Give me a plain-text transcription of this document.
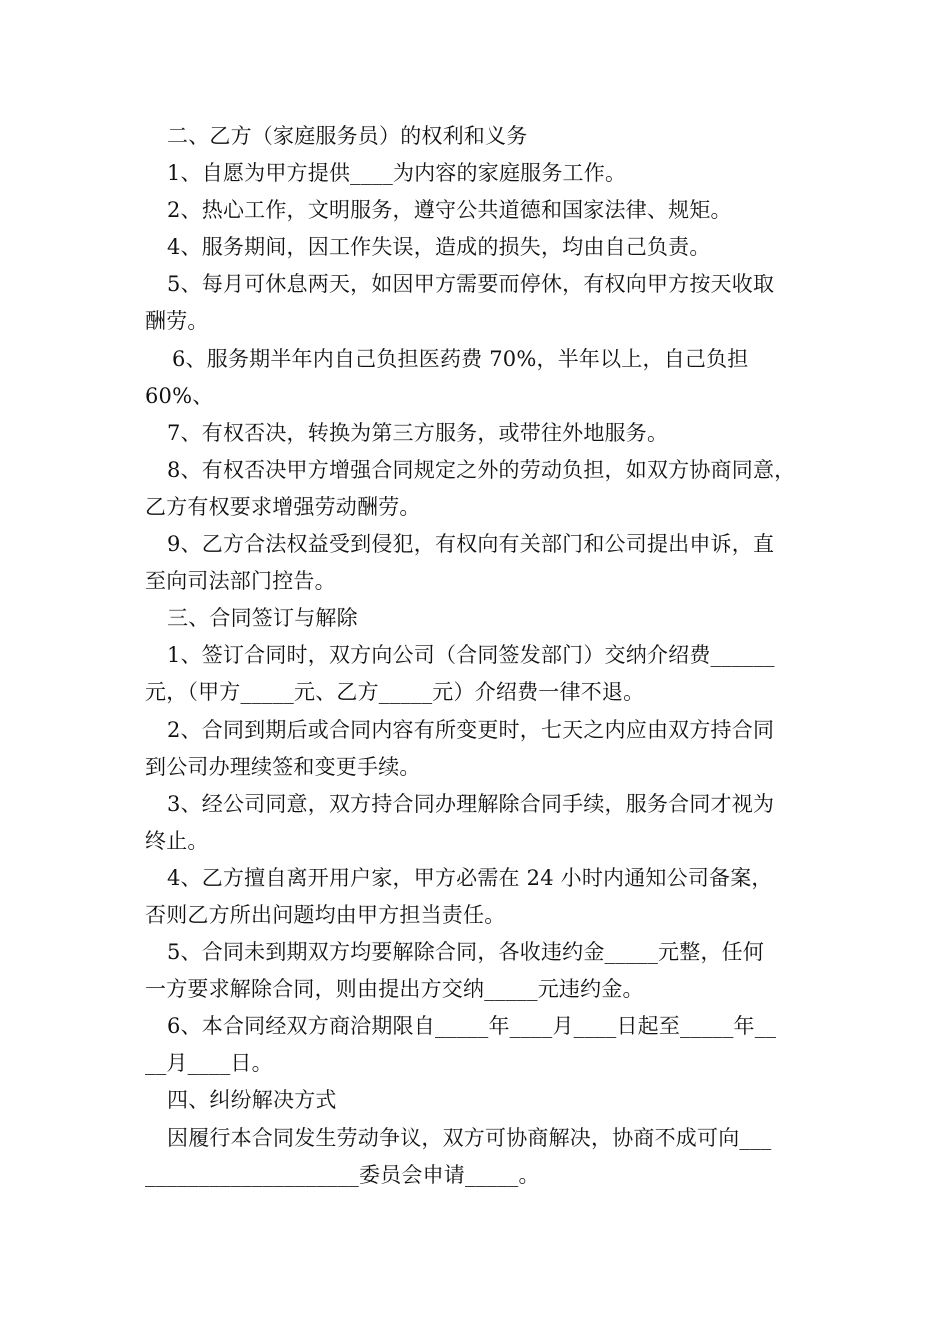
二、乙方（家庭服务员）的权利和义务
1、自愿为甲方提供____为内容的家庭服务工作。
2、热心工作，文明服务，遵守公共道德和国家法律、规矩。
4、服务期间，因工作失误，造成的损失，均由自己负责。
5、每月可休息两天，如因甲方需要而停休，有权向甲方按天收取
酬劳。
6、服务期半年内自己负担医药费 70%，半年以上，自己负担
60%、
7、有权否决，转换为第三方服务，或带往外地服务。
8、有权否决甲方增强合同规定之外的劳动负担，如双方协商同意，
乙方有权要求增强劳动酬劳。
9、乙方合法权益受到侵犯，有权向有关部门和公司提出申诉，直
至向司法部门控告。
三、合同签订与解除
1、签订合同时，双方向公司（合同签发部门）交纳介绍费______
元，（甲方_____元、乙方_____元）介绍费一律不退。
2、合同到期后或合同内容有所变更时，七天之内应由双方持合同
到公司办理续签和变更手续。
3、经公司同意，双方持合同办理解除合同手续，服务合同才视为
终止。
4、乙方擅自离开用户家，甲方必需在 24 小时内通知公司备案，
否则乙方所出问题均由甲方担当责任。
5、合同未到期双方均要解除合同，各收违约金_____元整，任何
一方要求解除合同，则由提出方交纳_____元违约金。
6、本合同经双方商洽期限自_____年____月____日起至_____年__
__月____日。
四、纠纷解决方式
因履行本合同发生劳动争议，双方可协商解决，协商不成可向___
____________________委员会申请_____。
